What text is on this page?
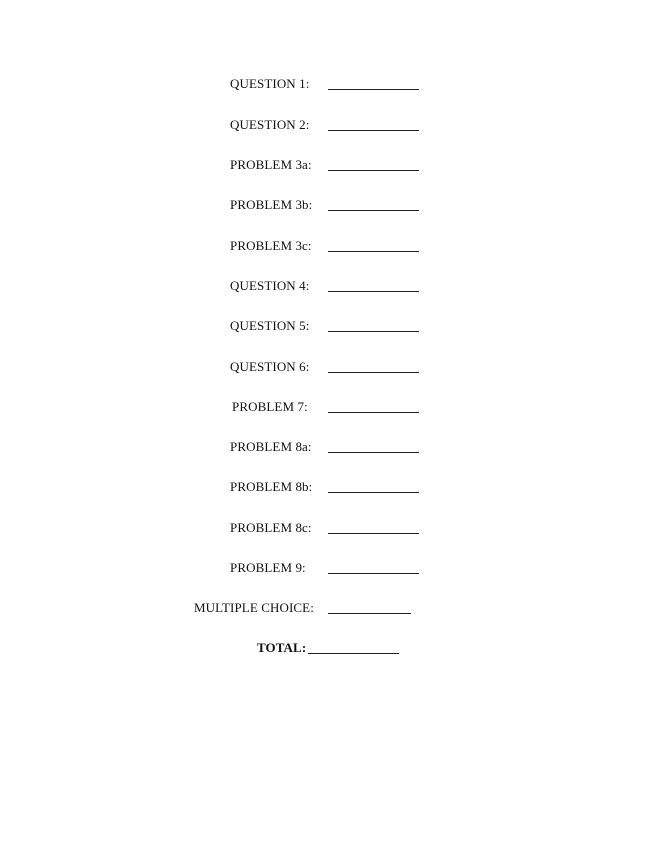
QUESTION 1:
QUESTION 2:
PROBLEM 3a:
PROBLEM 3b:
PROBLEM 3c:
QUESTION 4:
QUESTION 5:
QUESTION 6:
PROBLEM 7:
PROBLEM 8a:
PROBLEM 8b:
PROBLEM 8c:
PROBLEM 9:
MULTIPLE CHOICE:
TOTAL:
